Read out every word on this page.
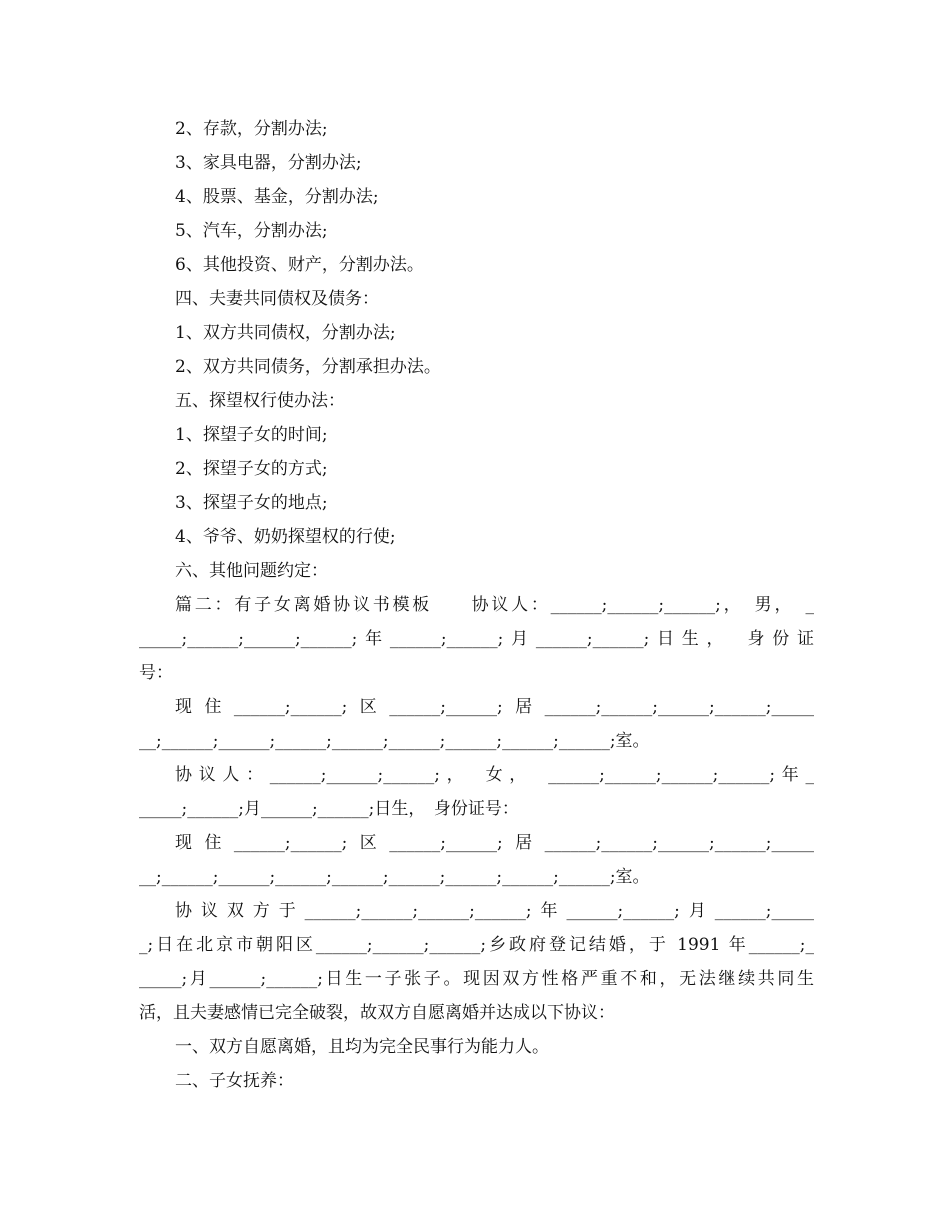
2、存款，分割办法;

3、家具电器，分割办法;

4、股票、基金，分割办法;

5、汽车，分割办法;

6、其他投资、财产，分割办法。

四、夫妻共同债权及债务：

1、双方共同债权，分割办法;

2、双方共同债务，分割承担办法。

五、探望权行使办法：

1、探望子女的时间;

2、探望子女的方式;

3、探望子女的地点;

4、爷爷、奶奶探望权的行使;

六、其他问题约定：

篇二：有子女离婚协议书模板　　协议人：______;______;______;，　男，　_

_____;______;______;______;年______;______;月______;______;日生，　身份证

号：

现住______;______;区______;______;居______;______;______;______;_____

__;______;______;______;______;______;______;______;______;室。

协议人：______;______;______;，　女，　______;______;______;______;年_

_____;______;月______;______;日生，　身份证号：

现住______;______;区______;______;居______;______;______;______;_____

__;______;______;______;______;______;______;______;______;室。

协议双方于______;______;______;______;年______;______;月______;_____

_;日在北京市朝阳区______;______;______;乡政府登记结婚，于 1991 年______;_

_____;月______;______;日生一子张子。现因双方性格严重不和，无法继续共同生

活，且夫妻感情已完全破裂，故双方自愿离婚并达成以下协议：

一、双方自愿离婚，且均为完全民事行为能力人。

二、子女抚养：
